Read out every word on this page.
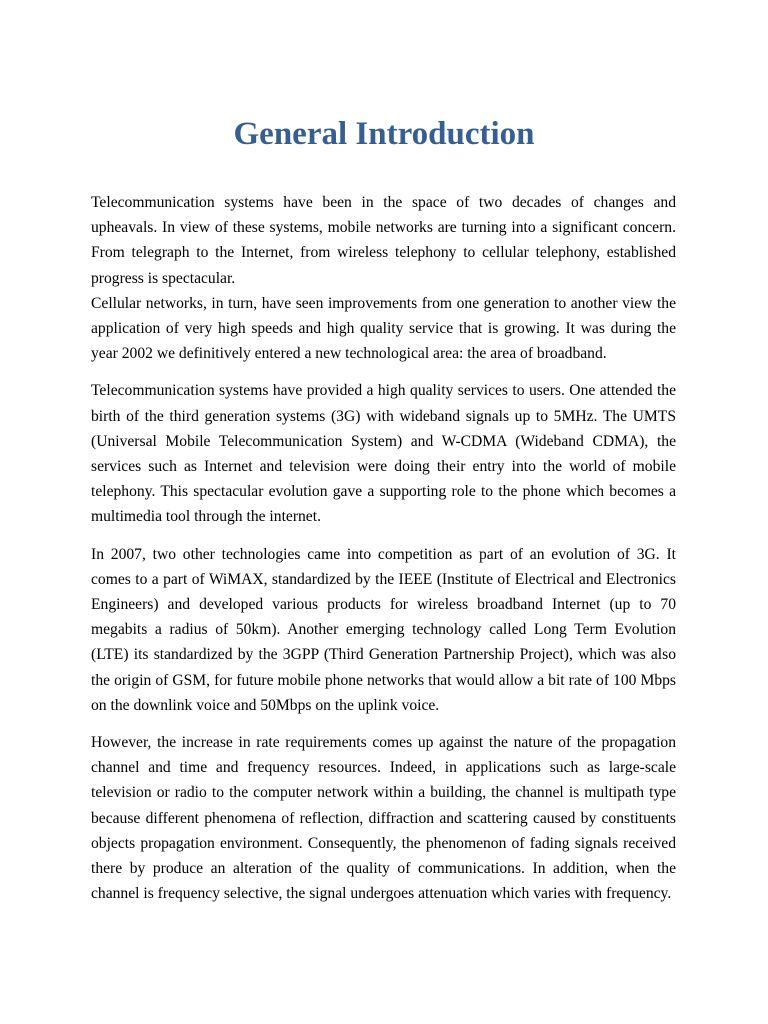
General Introduction

Telecommunication systems have been in the space of two decades of changes and upheavals. In view of these systems, mobile networks are turning into a significant concern. From telegraph to the Internet, from wireless telephony to cellular telephony, established progress is spectacular.

Cellular networks, in turn, have seen improvements from one generation to another view the application of very high speeds and high quality service that is growing. It was during the year 2002 we definitively entered a new technological area: the area of broadband.

Telecommunication systems have provided a high quality services to users. One attended the birth of the third generation systems (3G) with wideband signals up to 5MHz. The UMTS (Universal Mobile Telecommunication System) and W-CDMA (Wideband CDMA), the services such as Internet and television were doing their entry into the world of mobile telephony. This spectacular evolution gave a supporting role to the phone which becomes a multimedia tool through the internet.

In 2007, two other technologies came into competition as part of an evolution of 3G. It comes to a part of WiMAX, standardized by the IEEE (Institute of Electrical and Electronics Engineers) and developed various products for wireless broadband Internet (up to 70 megabits a radius of 50km). Another emerging technology called Long Term Evolution (LTE) its standardized by the 3GPP (Third Generation Partnership Project), which was also the origin of GSM, for future mobile phone networks that would allow a bit rate of 100 Mbps on the downlink voice and 50Mbps on the uplink voice.

However, the increase in rate requirements comes up against the nature of the propagation channel and time and frequency resources. Indeed, in applications such as large-scale television or radio to the computer network within a building, the channel is multipath type because different phenomena of reflection, diffraction and scattering caused by constituents objects propagation environment. Consequently, the phenomenon of fading signals received there by produce an alteration of the quality of communications. In addition, when the channel is frequency selective, the signal undergoes attenuation which varies with frequency.
